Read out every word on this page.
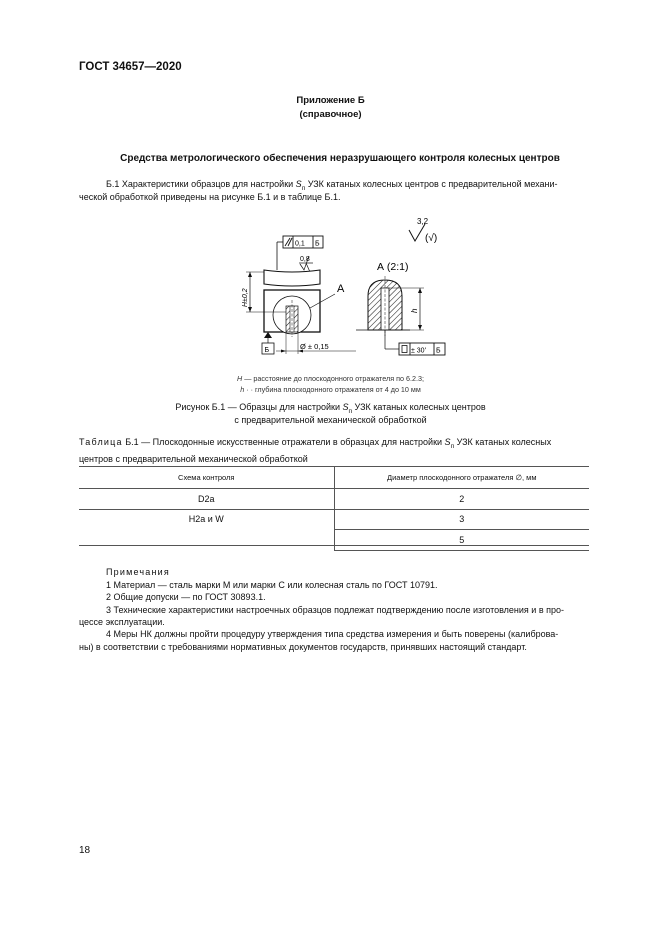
ГОСТ 34657—2020
Приложение Б
(справочное)
Средства метрологического обеспечения неразрушающего контроля колесных центров
Б.1 Характеристики образцов для настройки $S_п$ УЗК катаных колесных центров с предварительной механи-
ческой обработкой приведены на рисунке Б.1 и в таблице Б.1.
3,2
(√)
0,1 Б
0,8
H±0,2	А
Б	Ø ± 0,15
А (2:1)
h
± 30' Б
H — расстояние до плоскодонного отражателя по 6.2.3;
h · · глубина плоскодонного отражателя от 4 до 10 мм
Рисунок Б.1 — Образцы для настройки $S_п$ УЗК катаных колесных центров
с предварительной механической обработкой
Таблица Б.1 — Плоскодонные искусственные отражатели в образцах для настройки $S_п$ УЗК катаных колесных
центров с предварительной механической обработкой
Схема контроля	Диаметр плоскодонного отражателя ∅, мм
D2a	2
H2a и W	3
	5

Примечания

1 Материал — сталь марки М или марки С или колесная сталь по ГОСТ 10791.

2 Общие допуски — по ГОСТ 30893.1.

3 Технические характеристики настроечных образцов подлежат подтверждению после изготовления и в про-

цессе эксплуатации.
4 Меры НК должны пройти процедуру утверждения типа средства измерения и быть поверены (калиброва-
ны) в соответствии с требованиями нормативных документов государств, принявших настоящий стандарт.
18
